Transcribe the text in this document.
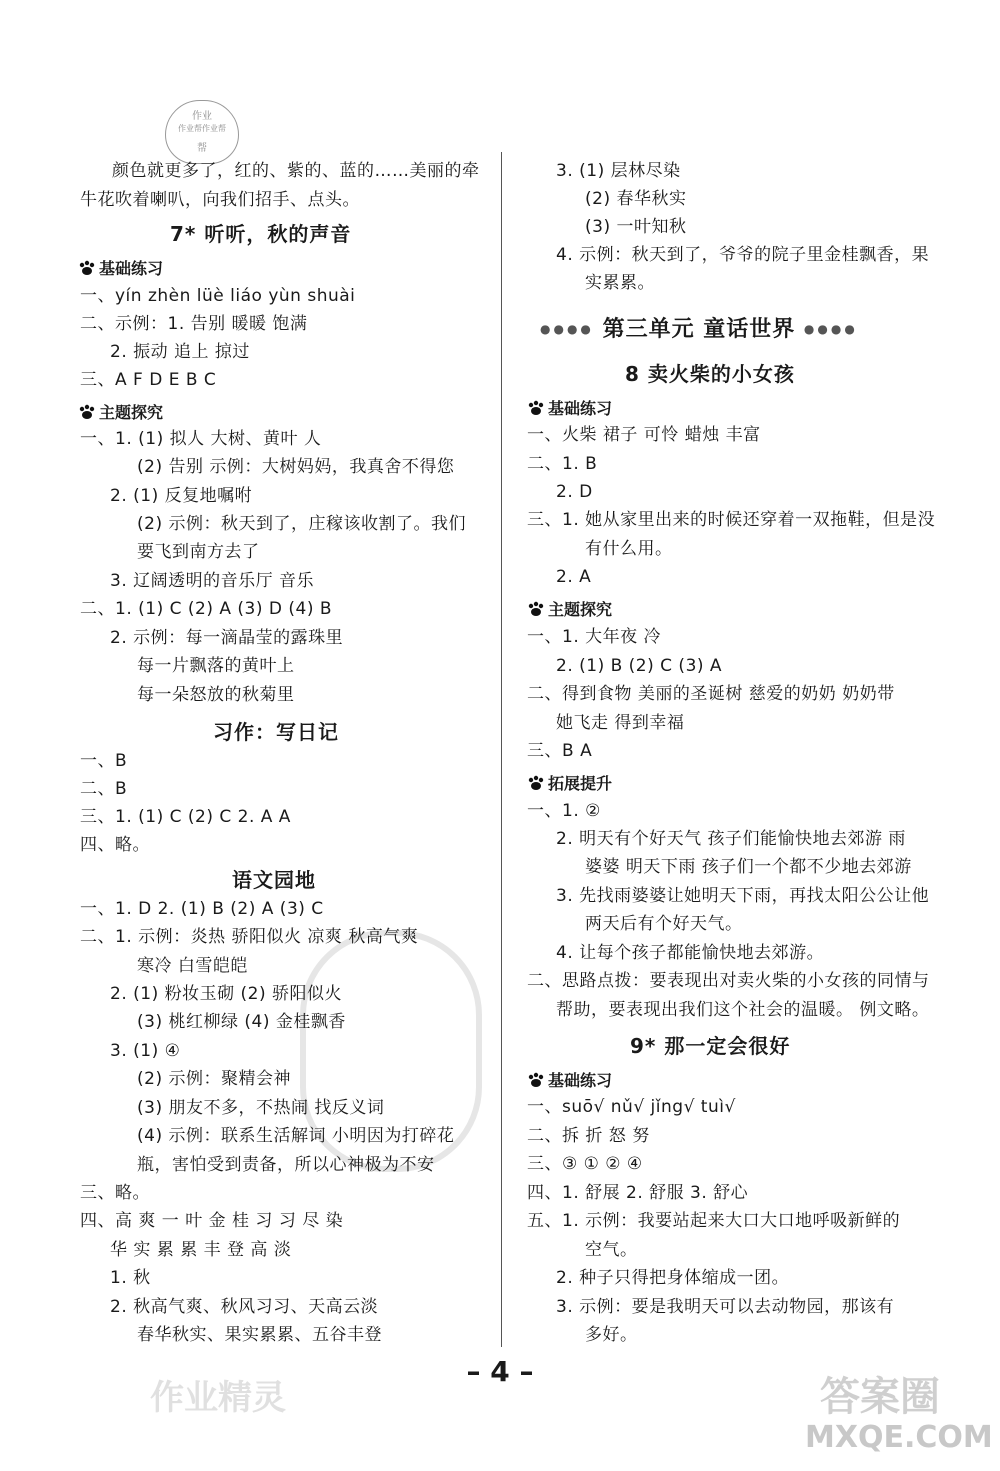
作业精灵	答案圈
MXQE.COM
作业
作业帮作业帮
帮
颜色就更多了，红的、紫的、蓝的……美丽的牵
牛花吹着喇叭，向我们招手、点头。
7* 听听，秋的声音
基础练习
一、yín zhèn lüè liáo yùn shuài
二、示例：1. 告别 暖暖 饱满
2. 振动 追上 掠过
三、A F D E B C
主题探究
一、1. (1) 拟人 大树、黄叶 人
(2) 告别 示例：大树妈妈，我真舍不得您
2. (1) 反复地嘱咐
(2) 示例：秋天到了，庄稼该收割了。我们
要飞到南方去了
3. 辽阔透明的音乐厅 音乐
二、1. (1) C (2) A (3) D (4) B
2. 示例：每一滴晶莹的露珠里
每一片飘落的黄叶上
每一朵怒放的秋菊里
习作：写日记
一、B
二、B
三、1. (1) C (2) C 2. A A
四、略。
语文园地
一、1. D 2. (1) B (2) A (3) C
二、1. 示例：炎热 骄阳似火 凉爽 秋高气爽
寒冷 白雪皑皑
2. (1) 粉妆玉砌 (2) 骄阳似火
(3) 桃红柳绿 (4) 金桂飘香
3. (1) ④
(2) 示例：聚精会神
(3) 朋友不多，不热闹 找反义词
(4) 示例：联系生活解词 小明因为打碎花
瓶，害怕受到责备，所以心神极为不安
三、略。
四、高 爽 一 叶 金 桂 习 习 尽 染
华 实 累 累 丰 登 高 淡
1. 秋
2. 秋高气爽、秋风习习、天高云淡
春华秋实、果实累累、五谷丰登
3. (1) 层林尽染
(2) 春华秋实
(3) 一叶知秋
4. 示例：秋天到了，爷爷的院子里金桂飘香，果
实累累。
●●●● 第三单元 童话世界 ●●●●
8 卖火柴的小女孩
基础练习
一、火柴 裙子 可怜 蜡烛 丰富
二、1. B
2. D
三、1. 她从家里出来的时候还穿着一双拖鞋，但是没
有什么用。
2. A
主题探究
一、1. 大年夜 冷
2. (1) B (2) C (3) A
二、得到食物 美丽的圣诞树 慈爱的奶奶 奶奶带
她飞走 得到幸福
三、B A
拓展提升
一、1. ②
2. 明天有个好天气 孩子们能愉快地去郊游 雨
婆婆 明天下雨 孩子们一个都不少地去郊游
3. 先找雨婆婆让她明天下雨，再找太阳公公让他
两天后有个好天气。
4. 让每个孩子都能愉快地去郊游。
二、思路点拨：要表现出对卖火柴的小女孩的同情与
帮助，要表现出我们这个社会的温暖。 例文略。
9* 那一定会很好
基础练习
一、suō√ nǔ√ jǐng√ tuì√
二、拆 折 怒 努
三、③ ① ② ④
四、1. 舒展 2. 舒服 3. 舒心
五、1. 示例：我要站起来大口大口地呼吸新鲜的
空气。
2. 种子只得把身体缩成一团。
3. 示例：要是我明天可以去动物园，那该有
多好。
– 4 –
